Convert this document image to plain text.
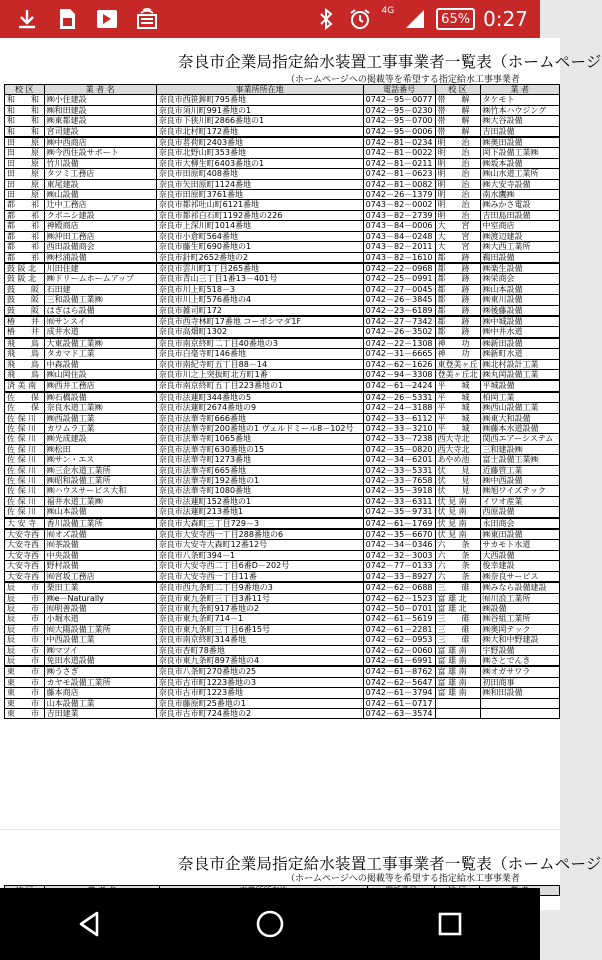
4G
65% 0:27
奈良市企業局指定給水装置工事事業者一覧表（ホームページ
（ホームページへの掲載等を希望する指定給水工事事業者
校 区	業 者 名	事業所所在地	電話番号	校 区	業 者
和　　和	㈱小住建設	奈良市西笹鉾町795番地	0742－95－0077	帯　　解	タケモト
和　　和	㈱和田建設	奈良市須川町991番地の1	0742－95－0230	帯　　解	㈱竹本ハウジング
和　　和	㈱東都建設	奈良市下狭川町2866番地の1	0742－95－0700	帯　　解	㈱大谷設備
和　　和	宮司建設	奈良市北村町172番地	0742－95－0006	帯　　解	吉田設備
田　　原	㈱中西商店	奈良市茗荷町2403番地	0742－81－0234	明　　治	㈱奥田設備
田　　原	㈱今西住設サポート	奈良市北野山町353番地	0742－81－0022	明　　治	岡下設備工業㈱
田　　原	竹川設備	奈良市大柳生町6403番地の1	0742－81－0211	明　　治	㈱坂本設備
田　　原	タツミ工務店	奈良市田原町408番地	0742－81－0623	明　　治	㈱山水道工業所
田　　原	東尾建設	奈良市矢田原町1124番地	0742－81－0082	明　　治	㈱大安寺設備
田　　原	㈱山設備	奈良市田原町3761番地	0742－26－1379	明　　治	南水鷹㈱
都　　祁	辻中工務店	奈良市都祁吐山町6121番地	0743－82－0002	明　　治	㈱みかさ電設
都　　祁	クボニシ建設	奈良市都祁白石町1192番地の226	0743－82－2739	明　　治	吉田島田設備
都　　祁	神殿商店	奈良市上深川町1014番地	0743－84－0006	大　　宮	中室商店
都　　祁	㈱沖田工務店	奈良市小倉町564番地	0743－84－0248	大　　宮	㈱渡辺建設
都　　祁	西田設備商会	奈良市藤生町690番地の1	0743－82－2011	大　　宮	㈱大西工業所
都　　祁	㈱杉浦設備	奈良市針町2652番地の2	0743－82－1610	都　　跡	鵜田設備
鼓 阪 北	川田住建	奈良市雲川町1丁目265番地	0742－22－0968	都　　跡	㈱楽生設備
鼓 阪 北	㈱ドリームホームアップ	奈良市青山三丁目1番13－401号	0742－25－0991	都　　跡	㈱栄商会
鼓　　阪	石田建	奈良市川上町518－3	0742－27－0045	都　　跡	㈱山本設備
鼓　　阪	三和設備工業㈱	奈良市川上町576番地の4	0742－26－3845	都　　跡	㈱東川設備
鼓　　阪	はぎはら設備	奈良市雑司町172	0742－23－6189	都　　跡	㈱後藤設備
椿　　井	㈲サンスイ	奈良市西寺林町17番地 コーポシマダ1F	0742－27－7342	都　　跡	㈱中城設備
椿　　井	成井水道	奈良市高畑町1302	0742－26－3502	都　　跡	㈱中井水道
飛　　鳥	大東設備工業㈱	奈良市南京終町二丁目40番地の3	0742－22－1308	神　　功	㈱新田設備
飛　　鳥	タカマド工業	奈良市白毫寺町146番地	0742－31－6665	神　　功	㈱新町水道
飛　　鳥	中森設備	奈良市南紀寺町五丁目88－14	0742－62－1626	東登美ヶ丘	㈱北村設計工業
飛　　鳥	㈱山岡住設	奈良市川之上突抜町北方町1番	0742－94－3308	登美ヶ丘北	㈱丸岡設備工業
済 美 南	㈱西井工務店	奈良市南京終町五丁目223番地の1	0742－61－2424	平　　城	平城設備
佐　　保	㈱石橋設備	奈良市法蓮町344番地の5	0742－26－5331	平　　城	柏岡工業
佐　　保	奈良水道工業㈱	奈良市法蓮町2674番地の9	0742－24－3188	平　　城	㈱西山設備工業
佐 保 川	㈱西設備工業	奈良市法華寺町666番地	0742－33－6112	平　　城	㈱東大和設備
佐 保 川	カワムラ工業	奈良市法華寺町200番地の1 ヴェルドミール8－102号	0742－33－3210	平　　城	㈱藤本水道設備
佐 保 川	㈱光成建設	奈良市法華寺町1065番地	0742－33－7238	西大寺北	関西エアーシステム
佐 保 川	㈱松田	奈良市法華寺町630番地の15	0742－35－0820	西大寺北	三和建設㈱
佐 保 川	㈱サン・エス	奈良市法華寺町1273番地	0742－34－6201	あやめ池	富士設備工業㈱
佐 保 川	㈱三企水道工業所	奈良市法華寺町665番地	0742－33－5331	伏　　見	近藤管工業
佐 保 川	㈱昭和設備工業所	奈良市法華寺町192番地の1	0742－33－7658	伏　　見	㈱中西設備
佐 保 川	㈱ハウスサービス大和	奈良市法華寺町1080番地	0742－35－3918	伏　　見	㈱旭ワイズテック
佐 保 川	福井水道工業㈱	奈良市法蓮町152番地の1	0742－33－6311	伏 見 南	イワオ産業
佐 保 川	㈱山本設備	奈良市法蓮町213番地1	0742－35－9731	伏 見 南	西原設備
大 安 寺	香川設備工業所	奈良市大森町三丁目729－3	0742－61－1769	伏 見 南	永田商会
大安寺西	㈲オズ設備	奈良市大安寺西一丁目288番地の6	0742－35－6670	伏 見 南	㈱東田設備
大安寺西	㈲茶設備	奈良市大安寺大森町12番12号	0742－34－0346	六　　条	サカモト水道
大安寺西	中央設備	奈良市八条町394－1	0742－32－3003	六　　条	大西設備
大安寺西	野村設備	奈良市大安寺西二丁目6番D－202号	0742－77－0133	六　　条	俊幸建設
大安寺西	㈲宮坂工務店	奈良市大安寺西一丁目11番	0742－33－8927	六　　条	㈱奈良サービス
辰　　市	栗田工業	奈良市西九条町二丁目9番地の3	0742－62－0688	三　　碓	㈱みなら設備建設
辰　　市	㈱e－Naturally	奈良市東九条町三丁目3番11号	0742－62－1523	富 雄 北	㈲川浪工業所
辰　　市	㈲明善設備	奈良市東九条町917番地の2	0742－50－0701	富 雄 北	㈱設備
辰　　市	小堀水道	奈良市東九条町714－1	0742－61－5619	三　　碓	㈱谷組工業所
辰　　市	㈲大陽設備工業所	奈良市東九条町三丁目6番15号	0742－61－2281	三　　碓	㈱奥岡テック
辰　　市	中西設備工業	奈良市南京終町314番地	0742－62－0953	三　　碓	㈱大和中野建設
辰　　市	㈱マツイ	奈良市杏町78番地	0742－62－0060	富 雄 南	宇野設備
辰　　市	免田水道設備	奈良市東九条町897番地の4	0742－61－6991	富 雄 南	㈱さとでんき
東　　市	㈱うさぎ	奈良市八条町270番地の25	0742－61－8762	富 雄 南	㈱オガサワラ
東　　市	カヤモ設備工業所	奈良市古市町1223番地の3	0742－62－5647	富 雄 南	初田商事
東　　市	藤本商店	奈良市古市町1223番地	0742－61－3794	富 雄 南	㈱和田設備
東　　市	山本設備工業	奈良市藤原町25番地の1	0742－61－0717		
東　　市	吉田建業	奈良市古市町724番地の2	0742－63－3574		
奈良市企業局指定給水装置工事事業者一覧表（ホームページ
（ホームページへの掲載等を希望する指定給水工事事業者
